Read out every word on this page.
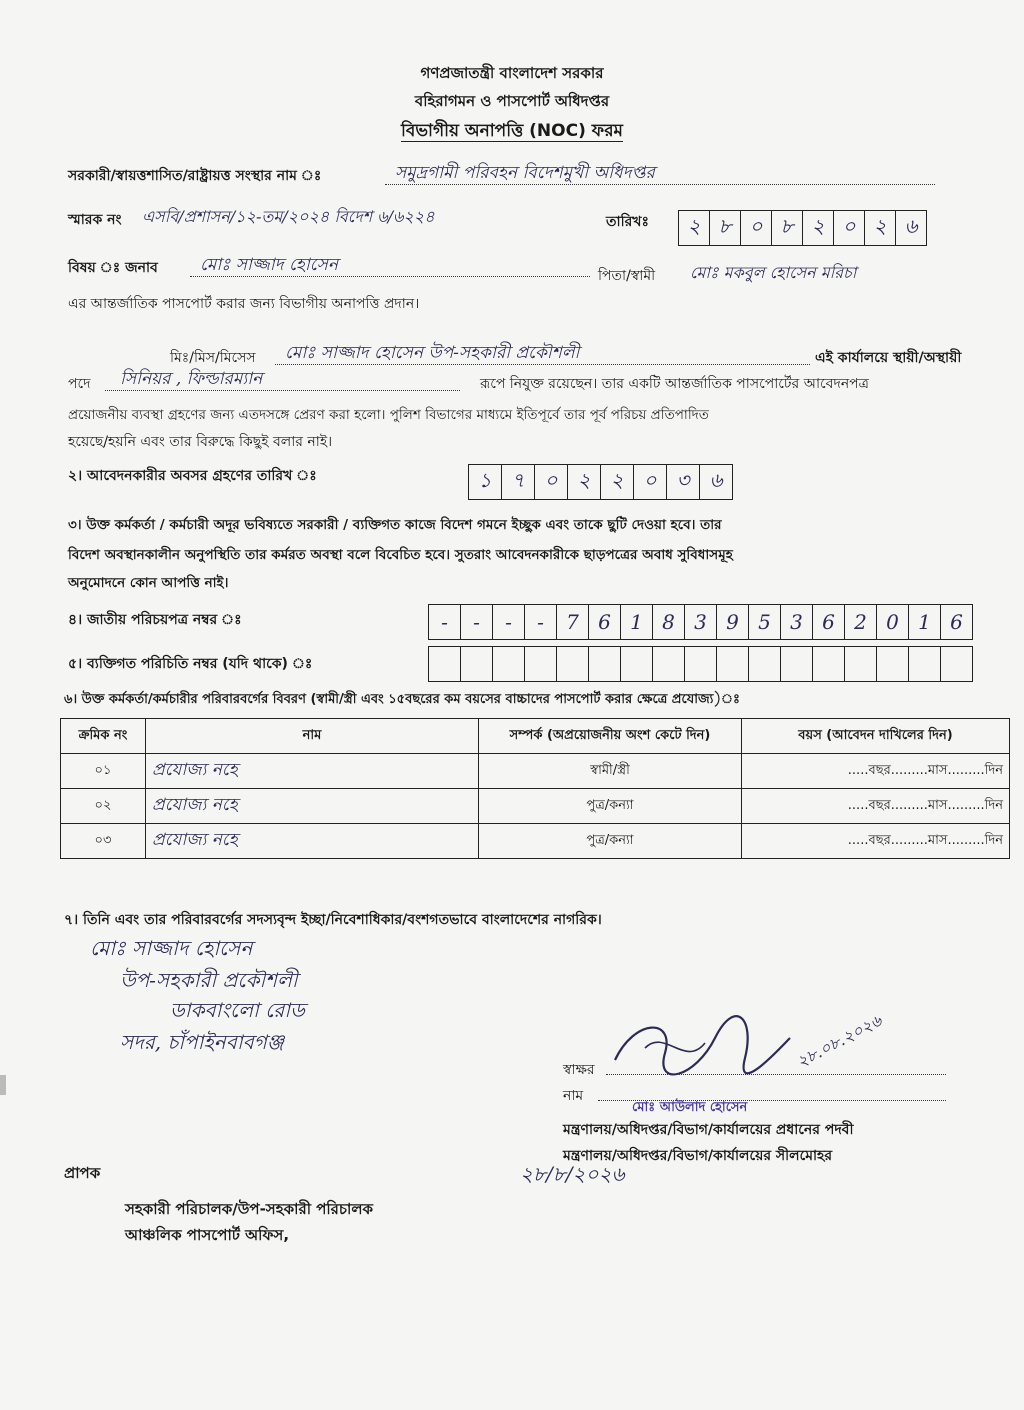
গণপ্রজাতন্ত্রী বাংলাদেশ সরকার
বহিরাগমন ও পাসপোর্ট অধিদপ্তর
বিভাগীয় অনাপত্তি (NOC) ফরম
সরকারী/স্বায়ত্তশাসিত/রাষ্ট্রায়ত্ত সংস্থার নাম ঃ	সমুদ্রগামী পরিবহন বিদেশমুখী অধিদপ্তর
স্মারক নং এসবি/প্রশাসন/১২-তম/২০২৪ বিদেশ ৬/৬২২৪	তারিখঃ	২ ৮ ০ ৮ ২ ০ ২ ৬
বিষয় ঃ জনাব মোঃ সাজ্জাদ হোসেন
পিতা/স্বামী মোঃ মকবুল হোসেন মরিচা
এর আন্তর্জাতিক পাসপোর্ট করার জন্য বিভাগীয় অনাপত্তি প্রদান।
মিঃ/মিস/মিসেস মোঃ সাজ্জাদ হোসেন উপ-সহকারী প্রকৌশলী	এই কার্যালয়ে স্থায়ী/অস্থায়ী
পদে সিনিয়র , ফিল্ডারম্যান	রূপে নিযুক্ত রয়েছেন। তার একটি আন্তর্জাতিক পাসপোর্টের আবেদনপত্র
প্রয়োজনীয় ব্যবস্থা গ্রহণের জন্য এতদসঙ্গে প্রেরণ করা হলো। পুলিশ বিভাগের মাধ্যমে ইতিপূর্বে তার পূর্ব পরিচয় প্রতিপাদিত
হয়েছে/হয়নি এবং তার বিরুদ্ধে কিছুই বলার নাই।
২। আবেদনকারীর অবসর গ্রহণের তারিখ ঃ	১	৭ ০ ২ ২ ০ ৩ ৬
৩। উক্ত কর্মকর্তা / কর্মচারী অদূর ভবিষ্যতে সরকারী / ব্যক্তিগত কাজে বিদেশ গমনে ইচ্ছুক এবং তাকে ছুটি দেওয়া হবে। তার
বিদেশ অবস্থানকালীন অনুপস্থিতি তার কর্মরত অবস্থা বলে বিবেচিত হবে। সুতরাং আবেদনকারীকে ছাড়পত্রের অবাধ সুবিধাসমূহ
অনুমোদনে কোন আপত্তি নাই।
৪। জাতীয় পরিচয়পত্র নম্বর ঃ	-	-	-	-	7 6 1 8 3 9 5 3 6 2 0 1 6
৫। ব্যক্তিগত পরিচিতি নম্বর (যদি থাকে) ঃ
৬। উক্ত কর্মকর্তা/কর্মচারীর পরিবারবর্গের বিবরণ (স্বামী/স্ত্রী এবং ১৫বছরের কম বয়সের বাচ্চাদের পাসপোর্ট করার ক্ষেত্রে প্রযোজ্য)ঃ
ক্রমিক নং	নাম	সম্পর্ক (অপ্রয়োজনীয় অংশ কেটে দিন)	বয়স (আবেদন দাখিলের দিন)
০১	প্রযোজ্য নহে	স্বামী/স্ত্রী	.....বছর.........মাস.........দিন
০২	প্রযোজ্য নহে	পুত্র/কন্যা	.....বছর.........মাস.........দিন
০৩	প্রযোজ্য নহে	পুত্র/কন্যা	.....বছর.........মাস.........দিন
৭। তিনি এবং তার পরিবারবর্গের সদস্যবৃন্দ ইচ্ছা/নিবেশাধিকার/বংশগতভাবে বাংলাদেশের নাগরিক।
মোঃ সাজ্জাদ হোসেন
উপ-সহকারী প্রকৌশলী
ডাকবাংলো রোড
সদর, চাঁপাইনবাবগঞ্জ	২৮.০৮.২০২৬
স্বাক্ষর
নাম
মোঃ আউলাদ হোসেন
মন্ত্রণালয়/অধিদপ্তর/বিভাগ/কার্যালয়ের প্রধানের পদবী
মন্ত্রণালয়/অধিদপ্তর/বিভাগ/কার্যালয়ের সীলমোহর
২৮/৮/২০২৬
প্রাপক
সহকারী পরিচালক/উপ-সহকারী পরিচালক
আঞ্চলিক পাসপোর্ট অফিস,
